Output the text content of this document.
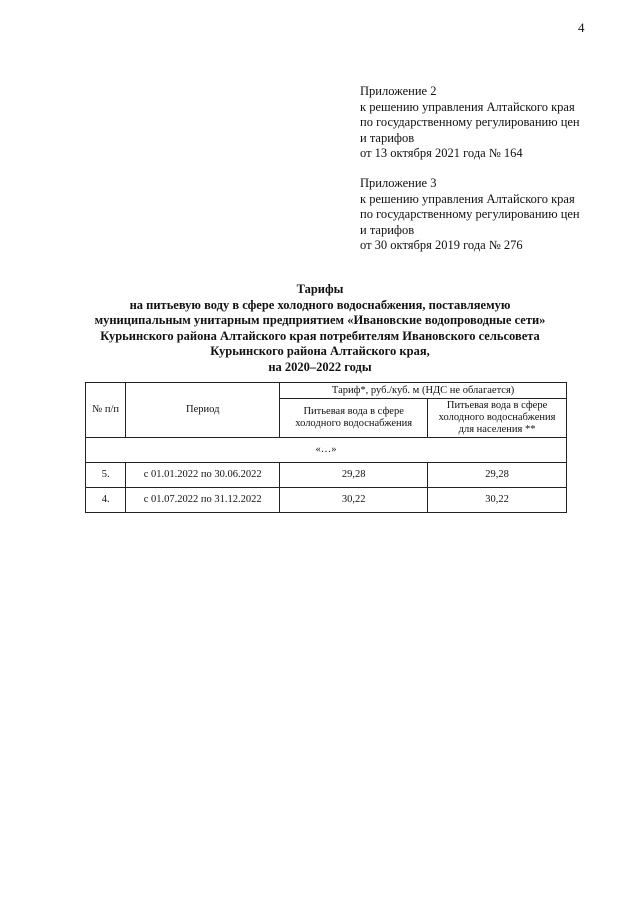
4
Приложение 2
к решению управления Алтайского края
по государственному регулированию цен
и тарифов
от 13 октября 2021 года № 164
Приложение 3
к решению управления Алтайского края
по государственному регулированию цен
и тарифов
от 30 октября 2019 года № 276
Тарифы
на питьевую воду в сфере холодного водоснабжения, поставляемую
муниципальным унитарным предприятием «Ивановские водопроводные сети»
Курьинского района Алтайского края потребителям Ивановского сельсовета
Курьинского района Алтайского края,
на 2020–2022 годы
№ п/п	Период	Тариф*, руб./куб. м (НДС не облагается)	
		Питьевая вода в сфере холодного водоснабжения	Питьевая вода в сфере холодного водоснабжения для населения **
«…»			
5.	с 01.01.2022 по 30.06.2022	29,28	29,28
4.	с 01.07.2022 по 31.12.2022	30,22	30,22
